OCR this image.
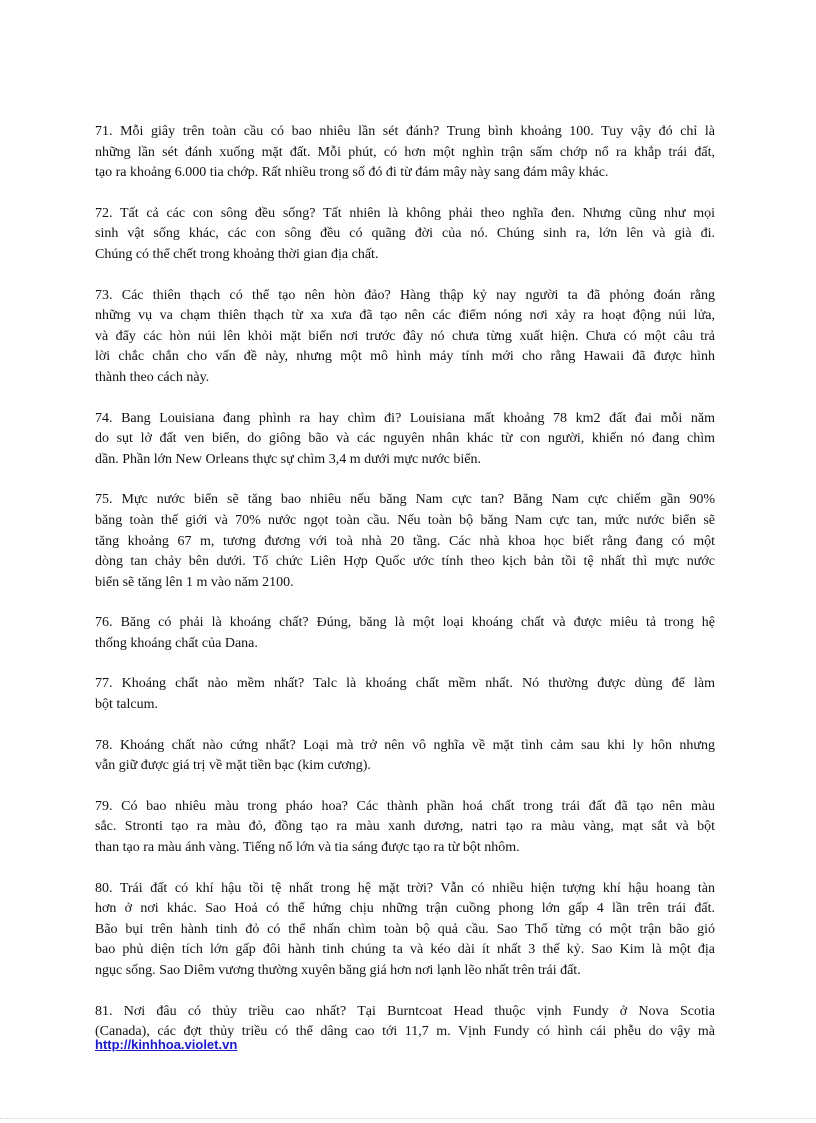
71. Mỗi giây trên toàn cầu có bao nhiêu lần sét đánh? Trung bình khoảng 100. Tuy vậy đó chỉ là
những lần sét đánh xuống mặt đất. Mỗi phút, có hơn một nghìn trận sấm chớp nổ ra khắp trái đất,
tạo ra khoảng 6.000 tia chớp. Rất nhiều trong số đó đi từ đám mây này sang đám mây khác.
72. Tất cả các con sông đều sống? Tất nhiên là không phải theo nghĩa đen. Nhưng cũng như mọi
sinh vật sống khác, các con sông đều có quãng đời của nó. Chúng sinh ra, lớn lên và già đi.
Chúng có thể chết trong khoảng thời gian địa chất.
73. Các thiên thạch có thể tạo nên hòn đảo? Hàng thập kỷ nay người ta đã phỏng đoán rằng
những vụ va chạm thiên thạch từ xa xưa đã tạo nên các điểm nóng nơi xảy ra hoạt động núi lửa,
và đẩy các hòn núi lên khỏi mặt biển nơi trước đây nó chưa từng xuất hiện. Chưa có một câu trả
lời chắc chắn cho vấn đề này, nhưng một mô hình máy tính mới cho rằng Hawaii đã được hình
thành theo cách này.
74. Bang Louisiana đang phình ra hay chìm đi? Louisiana mất khoảng 78 km2 đất đai mỗi năm
do sụt lở đất ven biển, do giông bão và các nguyên nhân khác từ con người, khiến nó đang chìm
dần. Phần lớn New Orleans thực sự chìm 3,4 m dưới mực nước biển.
75. Mực nước biển sẽ tăng bao nhiêu nếu băng Nam cực tan? Băng Nam cực chiếm gần 90%
băng toàn thế giới và 70% nước ngọt toàn cầu. Nếu toàn bộ băng Nam cực tan, mức nước biển sẽ
tăng khoảng 67 m, tương đương với toà nhà 20 tầng. Các nhà khoa học biết rằng đang có một
dòng tan chảy bên dưới. Tổ chức Liên Hợp Quốc ước tính theo kịch bản tồi tệ nhất thì mực nước
biển sẽ tăng lên 1 m vào năm 2100.
76. Băng có phải là khoáng chất? Đúng, băng là một loại khoáng chất và được miêu tả trong hệ
thống khoáng chất của Dana.
77. Khoáng chất nào mềm nhất? Talc là khoáng chất mềm nhất. Nó thường được dùng để làm
bột talcum.
78. Khoáng chất nào cứng nhất? Loại mà trở nên vô nghĩa về mặt tình cảm sau khi ly hôn nhưng
vẫn giữ được giá trị về mặt tiền bạc (kim cương).
79. Có bao nhiêu màu trong pháo hoa? Các thành phần hoá chất trong trái đất đã tạo nên màu
sắc. Stronti tạo ra màu đỏ, đồng tạo ra màu xanh dương, natri tạo ra màu vàng, mạt sắt và bột
than tạo ra màu ánh vàng. Tiếng nổ lớn và tia sáng được tạo ra từ bột nhôm.
80. Trái đất có khí hậu tồi tệ nhất trong hệ mặt trời? Vẫn có nhiều hiện tượng khí hậu hoang tàn
hơn ở nơi khác. Sao Hoả có thể hứng chịu những trận cuồng phong lớn gấp 4 lần trên trái đất.
Bão bụi trên hành tinh đỏ có thể nhấn chìm toàn bộ quả cầu. Sao Thổ từng có một trận bão gió
bao phủ diện tích lớn gấp đôi hành tinh chúng ta và kéo dài ít nhất 3 thế kỷ. Sao Kim là một địa
ngục sống. Sao Diêm vương thường xuyên băng giá hơn nơi lạnh lẽo nhất trên trái đất.
81. Nơi đâu có thủy triều cao nhất? Tại Burntcoat Head thuộc vịnh Fundy ở Nova Scotia
(Canada), các đợt thủy triều có thể dâng cao tới 11,7 m. Vịnh Fundy có hình cái phễu do vậy mà
http://kinhhoa.violet.vn
